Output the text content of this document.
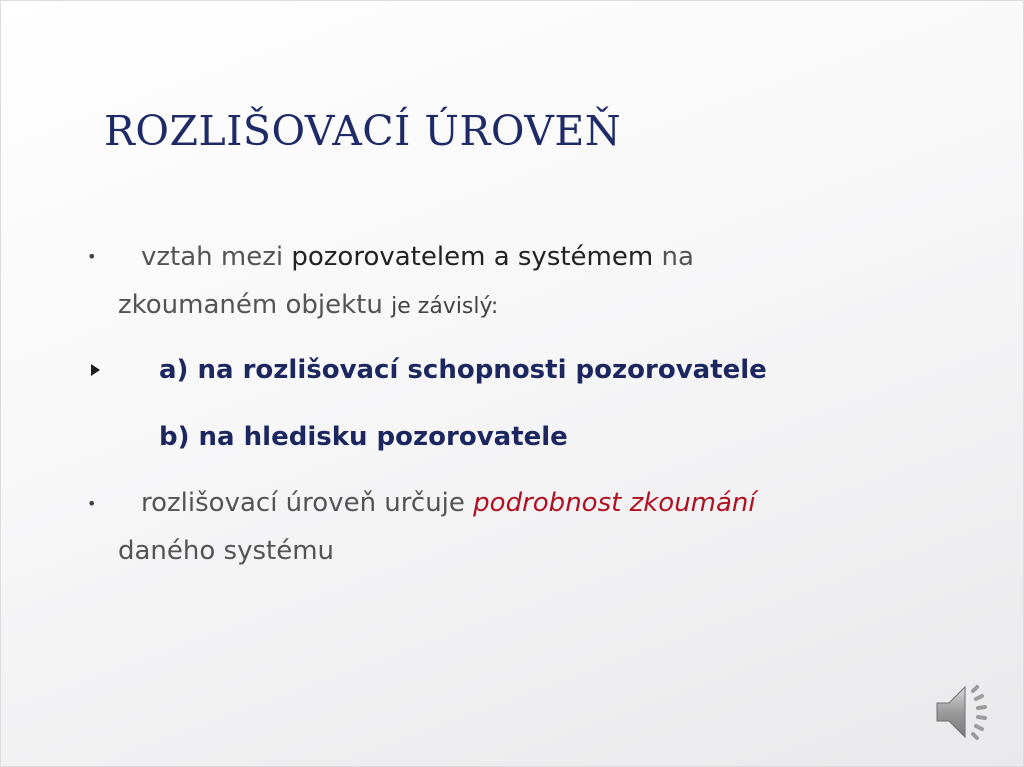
ROZLIŠOVACÍ ÚROVEŇ
• vztah mezi pozorovatelem a systémem na
zkoumaném objektu je závislý:
a) na rozlišovací schopnosti pozorovatele
b) na hledisku pozorovatele
• rozlišovací úroveň určuje podrobnost zkoumání
daného systému
